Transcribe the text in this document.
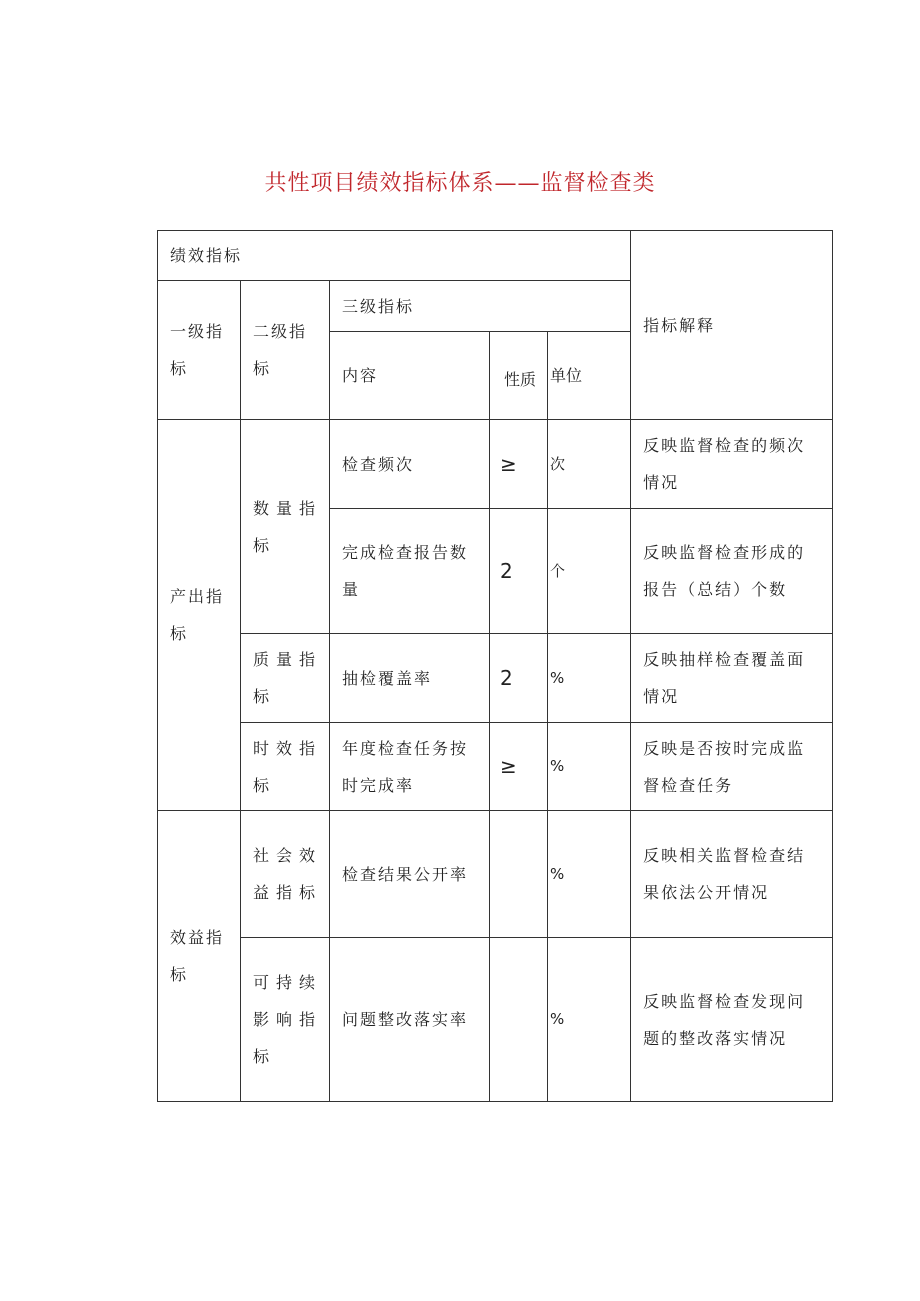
共性项目绩效指标体系——监督检查类
绩效指标					指标解释
一级指标	二级指标	三级指标			
		内容	性质	单位	
产出指标	数量指标	检查频次	≥	次	反映监督检查的频次情况
		完成检查报告数量	2	个	反映监督检查形成的报告（总结）个数
	质量指标	抽检覆盖率	2	%	反映抽样检查覆盖面情况
	时效指标	年度检查任务按时完成率	≥	%	反映是否按时完成监督检查任务
效益指标	社会效益指标	检查结果公开率		%	反映相关监督检查结果依法公开情况
	可持续影响指标	问题整改落实率		%	反映监督检查发现问题的整改落实情况
